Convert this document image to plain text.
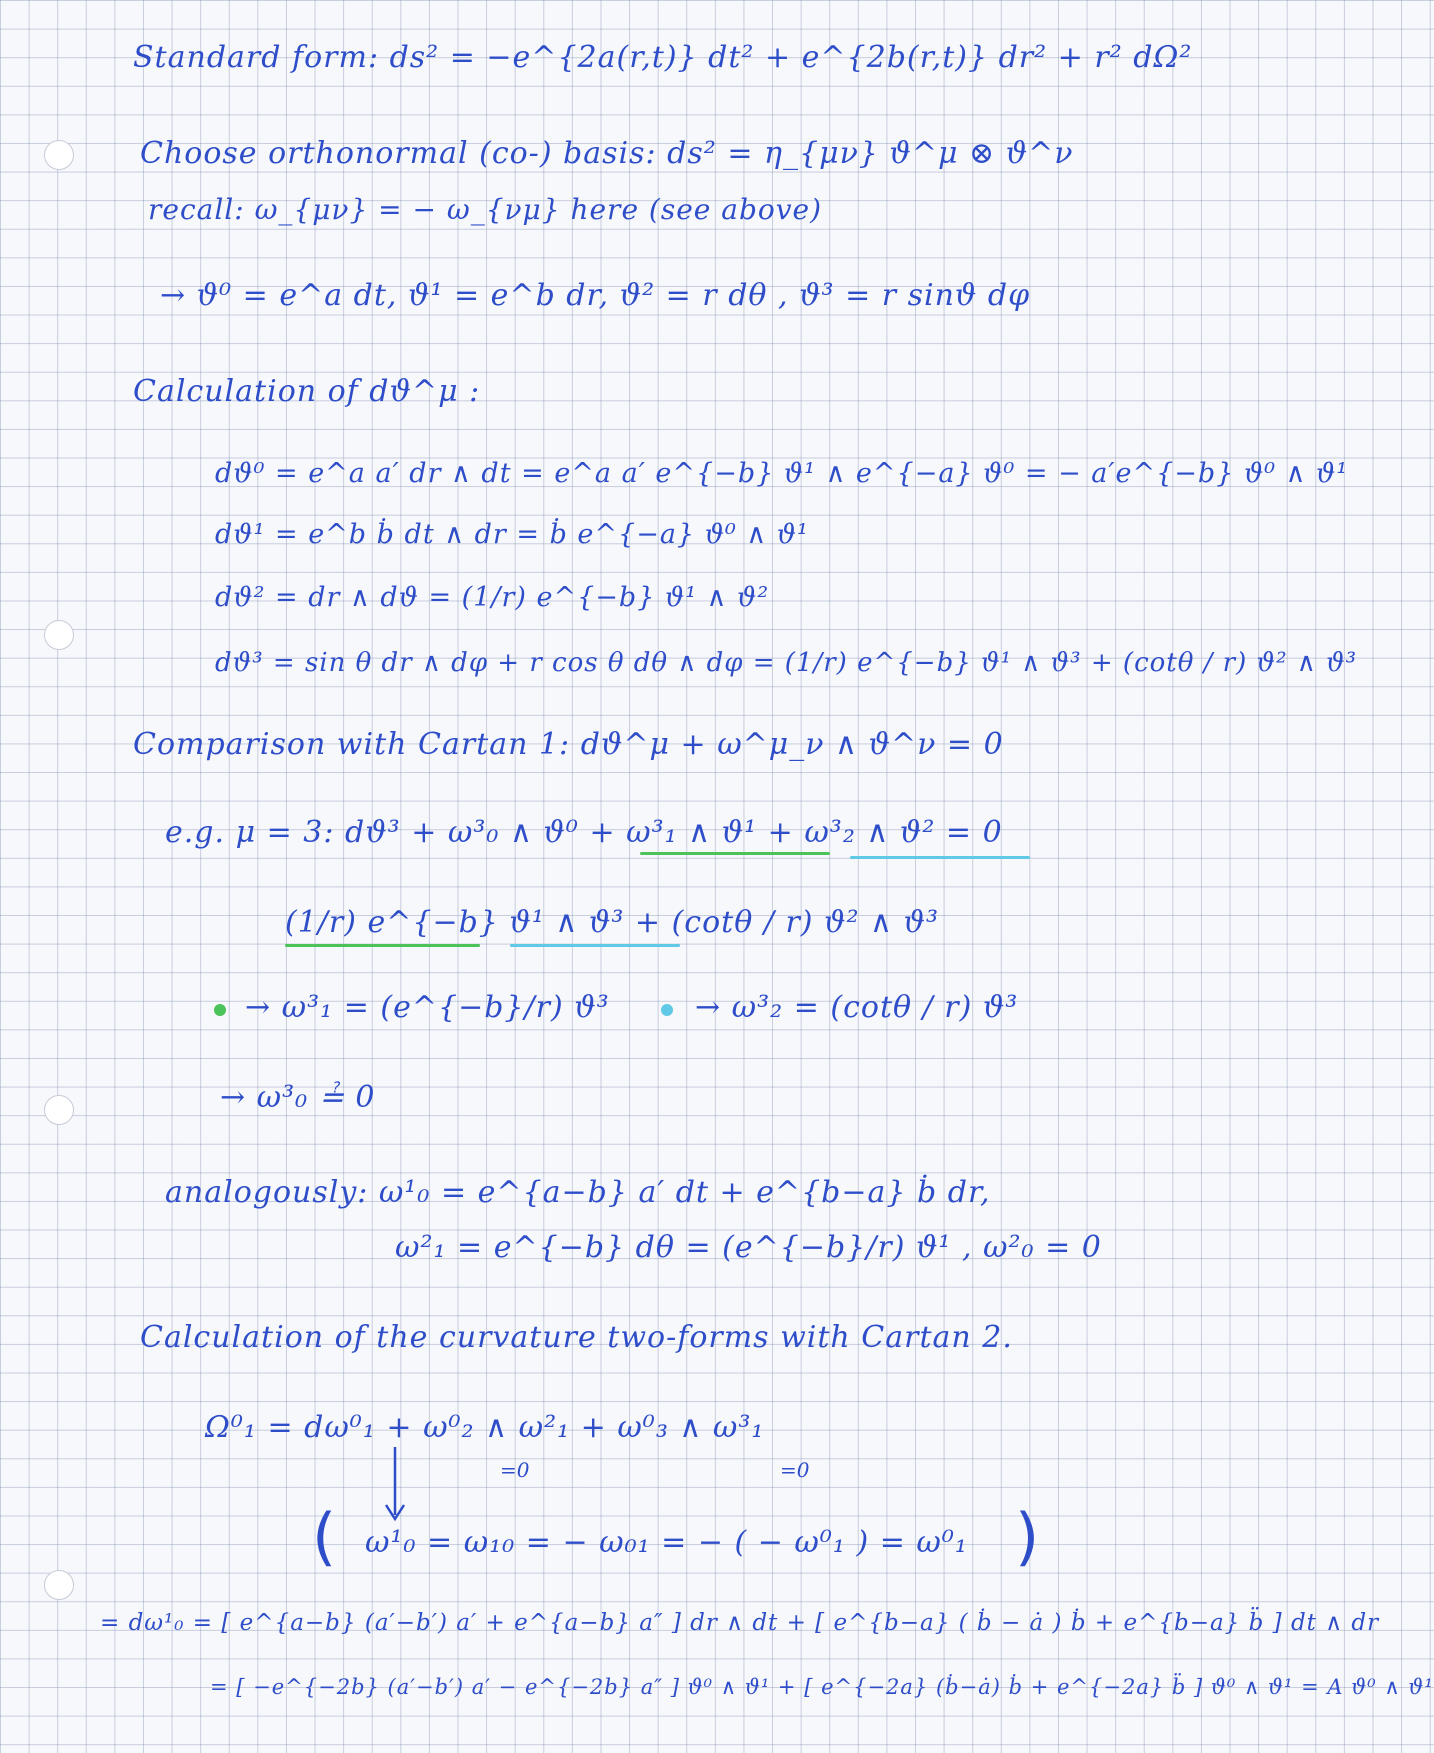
Standard form: ds² = −e^{2a(r,t)} dt² + e^{2b(r,t)} dr² + r² dΩ²
Choose orthonormal (co-) basis: ds² = η_{μν} ϑ^μ ⊗ ϑ^ν
recall: ω_{μν} = − ω_{νμ} here (see above)
→ ϑ⁰ = e^a dt, ϑ¹ = e^b dr, ϑ² = r dθ , ϑ³ = r sinϑ dφ
Calculation of dϑ^μ :
dϑ⁰ = e^a a′ dr ∧ dt = e^a a′ e^{−b} ϑ¹ ∧ e^{−a} ϑ⁰ = − a′e^{−b} ϑ⁰ ∧ ϑ¹
dϑ¹ = e^b ḃ dt ∧ dr = ḃ e^{−a} ϑ⁰ ∧ ϑ¹
dϑ² = dr ∧ dϑ = (1/r) e^{−b} ϑ¹ ∧ ϑ²
dϑ³ = sin θ dr ∧ dφ + r cos θ dθ ∧ dφ = (1/r) e^{−b} ϑ¹ ∧ ϑ³ + (cotθ / r) ϑ² ∧ ϑ³
Comparison with Cartan 1: dϑ^μ + ω^μ_ν ∧ ϑ^ν = 0
e.g. μ = 3: dϑ³ + ω³₀ ∧ ϑ⁰ + ω³₁ ∧ ϑ¹ + ω³₂ ∧ ϑ² = 0
(1/r) e^{−b} ϑ¹ ∧ ϑ³ + (cotθ / r) ϑ² ∧ ϑ³
→ ω³₁ = (e^{−b}/r) ϑ³	→ ω³₂ = (cotθ / r) ϑ³
→ ω³₀ ≟ 0
analogously: ω¹₀ = e^{a−b} a′ dt + e^{b−a} ḃ dr,
ω²₁ = e^{−b} dθ = (e^{−b}/r) ϑ¹ , ω²₀ = 0
Calculation of the curvature two-forms with Cartan 2.
Ω⁰₁ = dω⁰₁ + ω⁰₂ ∧ ω²₁ + ω⁰₃ ∧ ω³₁
=0	=0
( ω¹₀ = ω₁₀ = − ω₀₁ = − ( − ω⁰₁ ) = ω⁰₁ )
= dω¹₀ = [ e^{a−b} (a′−b′) a′ + e^{a−b} a″ ] dr ∧ dt + [ e^{b−a} ( ḃ − ȧ ) ḃ + e^{b−a} b̈ ] dt ∧ dr
= [ −e^{−2b} (a′−b′) a′ − e^{−2b} a″ ] ϑ⁰ ∧ ϑ¹ + [ e^{−2a} (ḃ−ȧ) ḃ + e^{−2a} b̈ ] ϑ⁰ ∧ ϑ¹ = A ϑ⁰ ∧ ϑ¹
